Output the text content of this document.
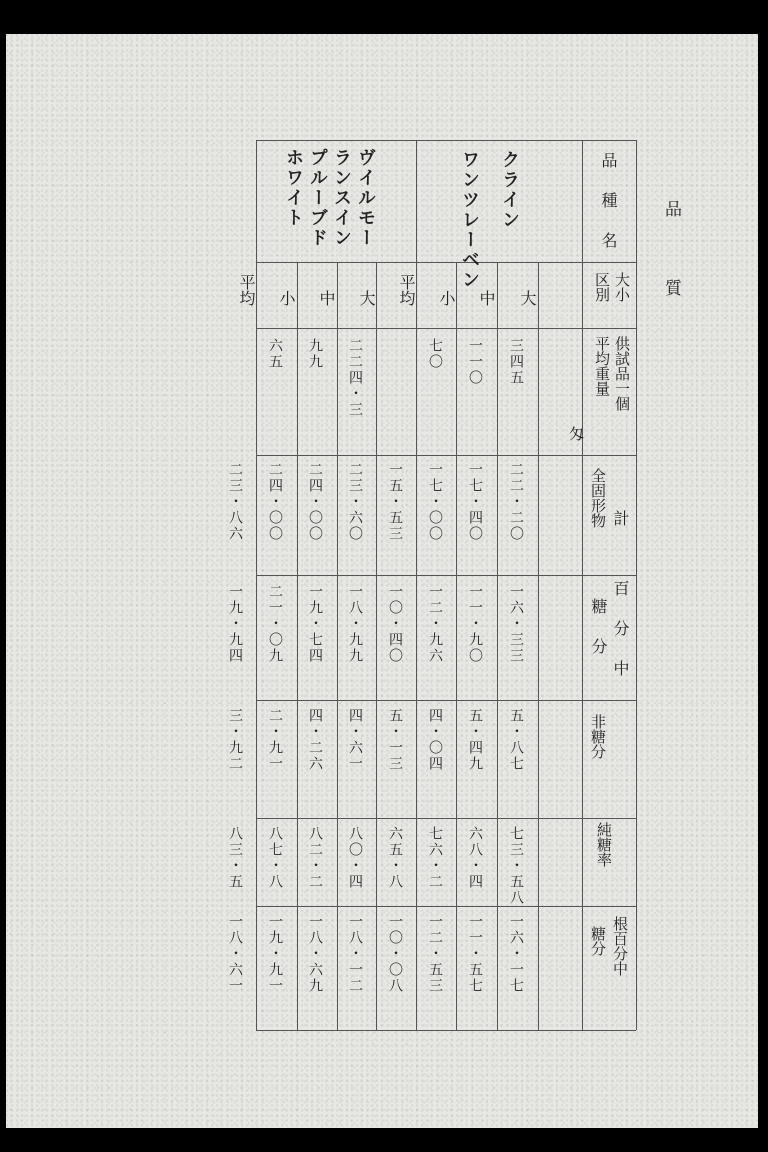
品質
品種名
大小
区別
供試品一個
平均重量
匁
計
全固形物
百分中
糖分
非糖分
純糖率
根百分中
糖分
クライン
ワンツレーベン
大
三四五
二二・二〇
一六・三三
五・八七
七三・五八
一六・一七
中
一一〇
一七・四〇
一一・九〇
五・四九
六八・四
一一・五七
小
七〇
一七・〇〇
一二・九六
四・〇四
七六・二
一二・五三
平均
一五・五三
一〇・四〇
五・一三
六五・八
一〇・〇八
ヴイルモー
ランスイン
プルーブド
ホワイト
大
二二四・三
二三・六〇
一八・九九
四・六一
八〇・四
一八・一二
中
九九
二四・〇〇
一九・七四
四・二六
八二・二
一八・六九
小
六五
二四・〇〇
二一・〇九
二・九一
八七・八
一九・九一
平均
二三・八六
一九・九四
三・九二
八三・五
一八・六一
